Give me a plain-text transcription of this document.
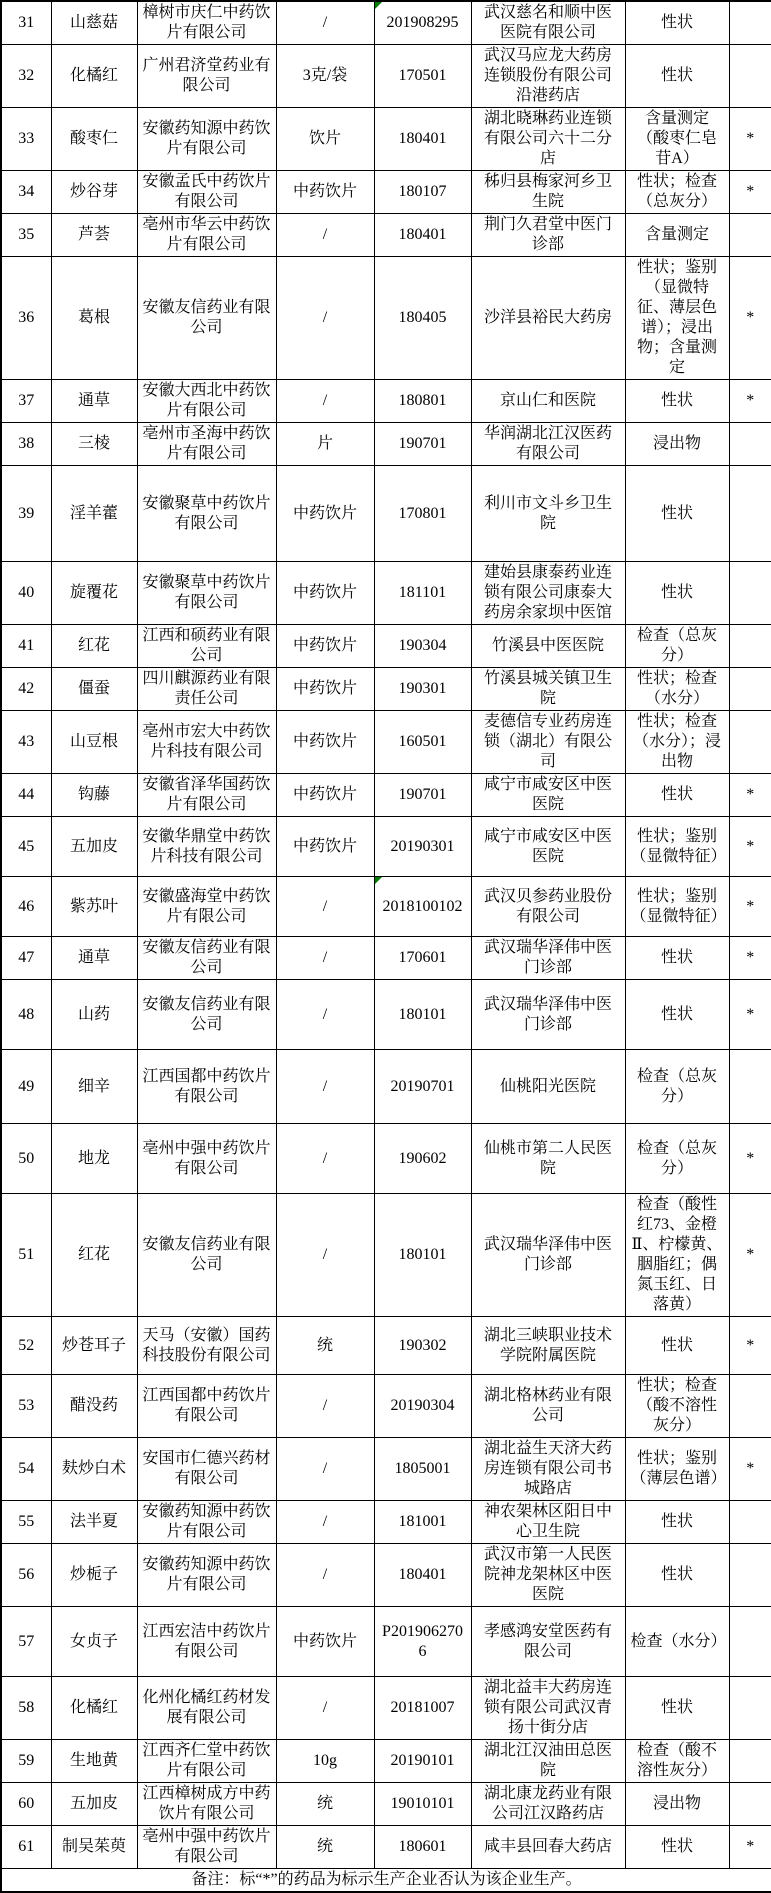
31	山慈菇	樟树市庆仁中药饮片有限公司	/	201908295	武汉慈名和顺中医医院有限公司	性状	
32	化橘红	广州君济堂药业有限公司	3克/袋	170501	武汉马应龙大药房连锁股份有限公司沿港药店	性状	
33	酸枣仁	安徽药知源中药饮片有限公司	饮片	180401	湖北晓琳药业连锁有限公司六十二分店	含量测定（酸枣仁皂苷A）	*
34	炒谷芽	安徽孟氏中药饮片有限公司	中药饮片	180107	秭归县梅家河乡卫生院	性状；检查（总灰分）	*
35	芦荟	亳州市华云中药饮片有限公司	/	180401	荆门久君堂中医门诊部	含量测定	
36	葛根	安徽友信药业有限公司	/	180405	沙洋县裕民大药房	性状；鉴别（显微特征、薄层色谱）；浸出物；含量测定	*
37	通草	安徽大西北中药饮片有限公司	/	180801	京山仁和医院	性状	*
38	三棱	亳州市圣海中药饮片有限公司	片	190701	华润湖北江汉医药有限公司	浸出物	
39	淫羊藿	安徽聚草中药饮片有限公司	中药饮片	170801	利川市文斗乡卫生院	性状	
40	旋覆花	安徽聚草中药饮片有限公司	中药饮片	181101	建始县康泰药业连锁有限公司康泰大药房余家坝中医馆	性状	
41	红花	江西和硕药业有限公司	中药饮片	190304	竹溪县中医医院	检查（总灰分）	
42	僵蚕	四川麒源药业有限责任公司	中药饮片	190301	竹溪县城关镇卫生院	性状；检查（水分）	
43	山豆根	亳州市宏大中药饮片科技有限公司	中药饮片	160501	麦德信专业药房连锁（湖北）有限公司	性状；检查（水分）；浸出物	
44	钩藤	安徽省泽华国药饮片有限公司	中药饮片	190701	咸宁市咸安区中医医院	性状	*
45	五加皮	安徽华鼎堂中药饮片科技有限公司	中药饮片	20190301	咸宁市咸安区中医医院	性状；鉴别（显微特征）	*
46	紫苏叶	安徽盛海堂中药饮片有限公司	/	2018100102	武汉贝参药业股份有限公司	性状；鉴别（显微特征）	*
47	通草	安徽友信药业有限公司	/	170601	武汉瑞华泽伟中医门诊部	性状	*
48	山药	安徽友信药业有限公司	/	180101	武汉瑞华泽伟中医门诊部	性状	*
49	细辛	江西国都中药饮片有限公司	/	20190701	仙桃阳光医院	检查（总灰分）	
50	地龙	亳州中强中药饮片有限公司	/	190602	仙桃市第二人民医院	检查（总灰分）	*
51	红花	安徽友信药业有限公司	/	180101	武汉瑞华泽伟中医门诊部	检查（酸性红73、金橙Ⅱ、柠檬黄、胭脂红；偶氮玉红、日落黄）	*
52	炒苍耳子	天马（安徽）国药科技股份有限公司	统	190302	湖北三峡职业技术学院附属医院	性状	*
53	醋没药	江西国都中药饮片有限公司	/	20190304	湖北格林药业有限公司	性状；检查（酸不溶性灰分）	
54	麸炒白术	安国市仁德兴药材有限公司	/	1805001	湖北益生天济大药房连锁有限公司书城路店	性状；鉴别（薄层色谱）	*
55	法半夏	安徽药知源中药饮片有限公司	/	181001	神农架林区阳日中心卫生院	性状	
56	炒栀子	安徽药知源中药饮片有限公司	/	180401	武汉市第一人民医院神龙架林区中医医院	性状	
57	女贞子	江西宏洁中药饮片有限公司	中药饮片	P2019062706	孝感鸿安堂医药有限公司	检查（水分）	
58	化橘红	化州化橘红药材发展有限公司	/	20181007	湖北益丰大药房连锁有限公司武汉青扬十街分店	性状	
59	生地黄	江西齐仁堂中药饮片有限公司	10g	20190101	湖北江汉油田总医院	检查（酸不溶性灰分）	
60	五加皮	江西樟树成方中药饮片有限公司	统	19010101	湖北康龙药业有限公司江汉路药店	浸出物	
61	制吴茱萸	亳州中强中药饮片有限公司	统	180601	咸丰县回春大药店	性状	*
备注：标“*”的药品为标示生产企业否认为该企业生产。							
